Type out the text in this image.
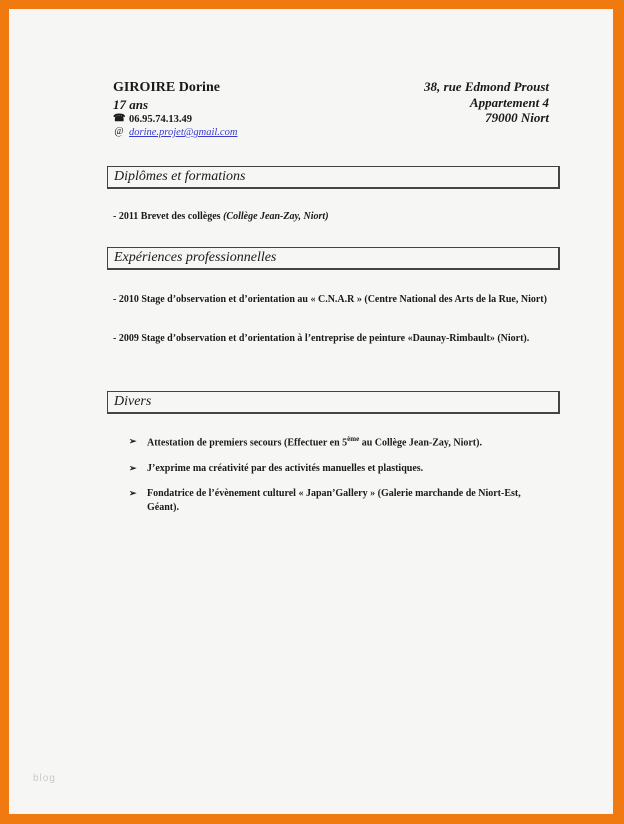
GIROIRE Dorine
17 ans
☎ 06.95.74.13.49
@ dorine.projet@gmail.com
38, rue Edmond Proust
Appartement 4
79000 Niort
Diplômes et formations
- 2011 Brevet des collèges (Collège Jean-Zay, Niort)
Expériences professionnelles
- 2010 Stage d’observation et d’orientation au « C.N.A.R » (Centre National des Arts de la Rue, Niort)
- 2009 Stage d’observation et d’orientation à l’entreprise de peinture «Daunay-Rimbault» (Niort).
Divers
➢ Attestation de premiers secours (Effectuer en 5ème au Collège Jean-Zay, Niort).
➢ J’exprime ma créativité par des activités manuelles et plastiques.
➢ Fondatrice de l’évènement culturel « Japan’Gallery » (Galerie marchande de Niort-Est, Géant).
blog
